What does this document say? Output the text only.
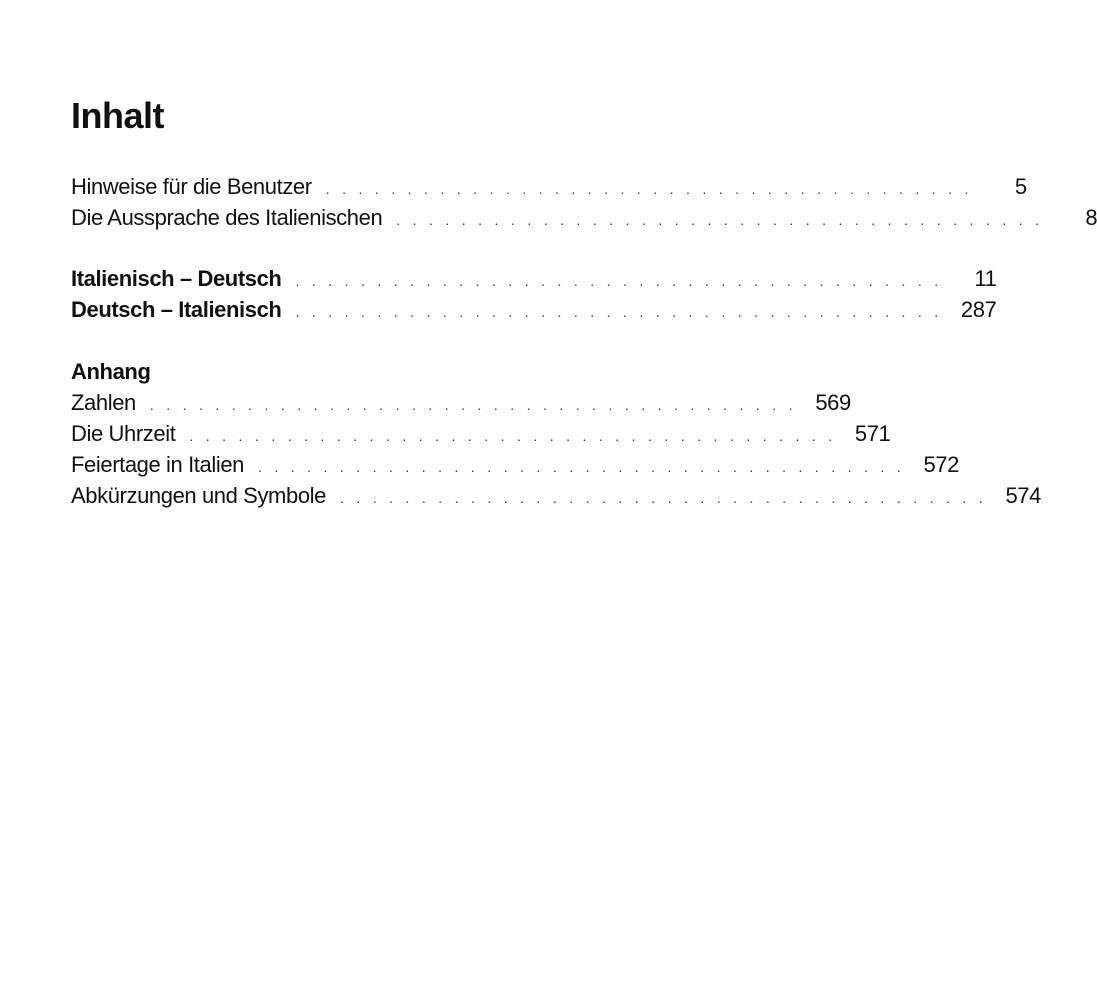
Inhalt
Hinweise für die Benutzer . . . . . . . . . . . . . . . . . . . . . . . . . . . . . . . . . . . . . . . .	5
Die Aussprache des Italienischen . . . . . . . . . . . . . . . . . . . . . . . . . . . . . . . . . . . . . . . .	8
Italienisch – Deutsch . . . . . . . . . . . . . . . . . . . . . . . . . . . . . . . . . . . . . . . .	11
Deutsch – Italienisch . . . . . . . . . . . . . . . . . . . . . . . . . . . . . . . . . . . . . . . . 287
Anhang
Zahlen . . . . . . . . . . . . . . . . . . . . . . . . . . . . . . . . . . . . . . . . 569
Die Uhrzeit . . . . . . . . . . . . . . . . . . . . . . . . . . . . . . . . . . . . . . . . 571
Feiertage in Italien . . . . . . . . . . . . . . . . . . . . . . . . . . . . . . . . . . . . . . . . 572
Abkürzungen und Symbole . . . . . . . . . . . . . . . . . . . . . . . . . . . . . . . . . . . . . . . . 574
